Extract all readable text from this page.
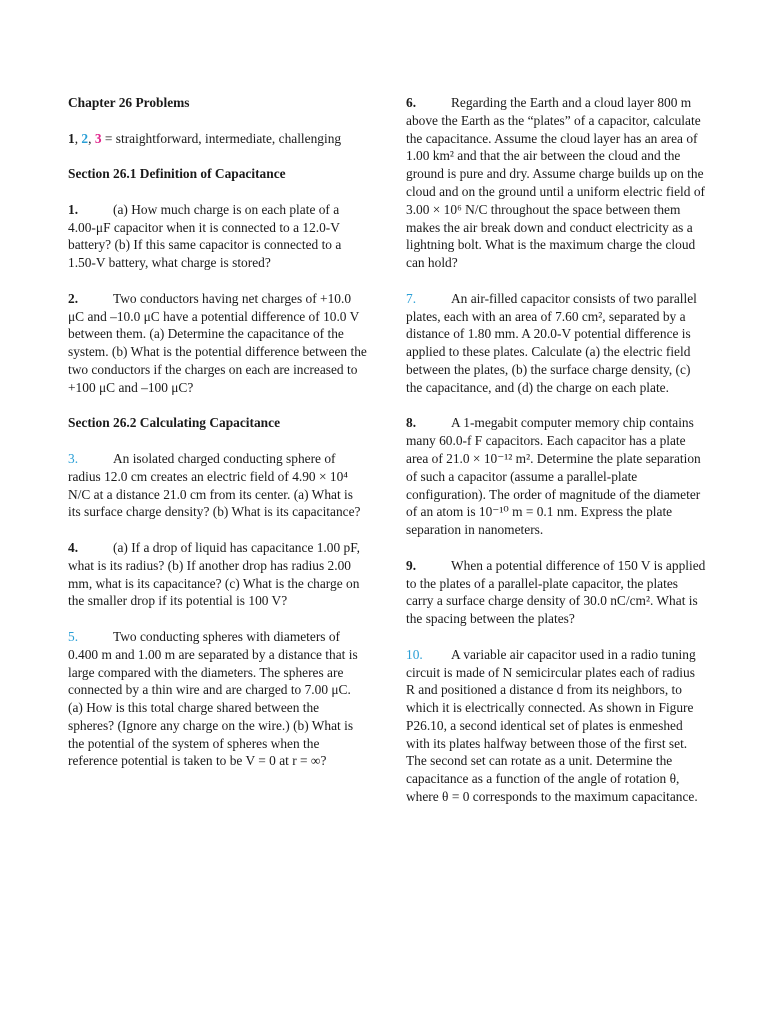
Chapter 26 Problems

1, 2, 3 = straightforward, intermediate, challenging

Section 26.1 Definition of Capacitance

1.	(a) How much charge is on each plate of a 4.00-μF capacitor when it is connected to a 12.0-V battery? (b) If this same capacitor is connected to a 1.50-V battery, what charge is stored?

2.	Two conductors having net charges of +10.0 μC and –10.0 μC have a potential difference of 10.0 V between them. (a) Determine the capacitance of the system. (b) What is the potential difference between the two conductors if the charges on each are increased to +100 μC and –100 μC?

Section 26.2 Calculating Capacitance

3.	An isolated charged conducting sphere of radius 12.0 cm creates an electric field of 4.90 × 10⁴ N/C at a distance 21.0 cm from its center. (a) What is its surface charge density? (b) What is its capacitance?

4.	(a) If a drop of liquid has capacitance 1.00 pF, what is its radius? (b) If another drop has radius 2.00 mm, what is its capacitance? (c) What is the charge on the smaller drop if its potential is 100 V?

5.	Two conducting spheres with diameters of 0.400 m and 1.00 m are separated by a distance that is large compared with the diameters. The spheres are connected by a thin wire and are charged to 7.00 μC. (a) How is this total charge shared between the spheres? (Ignore any charge on the wire.) (b) What is the potential of the system of spheres when the reference potential is taken to be V = 0 at r = ∞?

6.	Regarding the Earth and a cloud layer 800 m above the Earth as the “plates” of a capacitor, calculate the capacitance. Assume the cloud layer has an area of 1.00 km² and that the air between the cloud and the ground is pure and dry. Assume charge builds up on the cloud and on the ground until a uniform electric field of 3.00 × 10⁶ N/C throughout the space between them makes the air break down and conduct electricity as a lightning bolt. What is the maximum charge the cloud can hold?

7.	An air-filled capacitor consists of two parallel plates, each with an area of 7.60 cm², separated by a distance of 1.80 mm. A 20.0-V potential difference is applied to these plates. Calculate (a) the electric field between the plates, (b) the surface charge density, (c) the capacitance, and (d) the charge on each plate.

8.	A 1-megabit computer memory chip contains many 60.0-f F capacitors. Each capacitor has a plate area of 21.0 × 10⁻¹² m². Determine the plate separation of such a capacitor (assume a parallel-plate configuration). The order of magnitude of the diameter of an atom is 10⁻¹⁰ m = 0.1 nm. Express the plate separation in nanometers.

9.	When a potential difference of 150 V is applied to the plates of a parallel-plate capacitor, the plates carry a surface charge density of 30.0 nC/cm². What is the spacing between the plates?

10. A variable air capacitor used in a radio tuning circuit is made of N semicircular plates each of radius R and positioned a distance d from its neighbors, to which it is electrically connected. As shown in Figure P26.10, a second identical set of plates is enmeshed with its plates halfway between those of the first set. The second set can rotate as a unit. Determine the capacitance as a function of the angle of rotation θ, where θ = 0 corresponds to the maximum capacitance.
